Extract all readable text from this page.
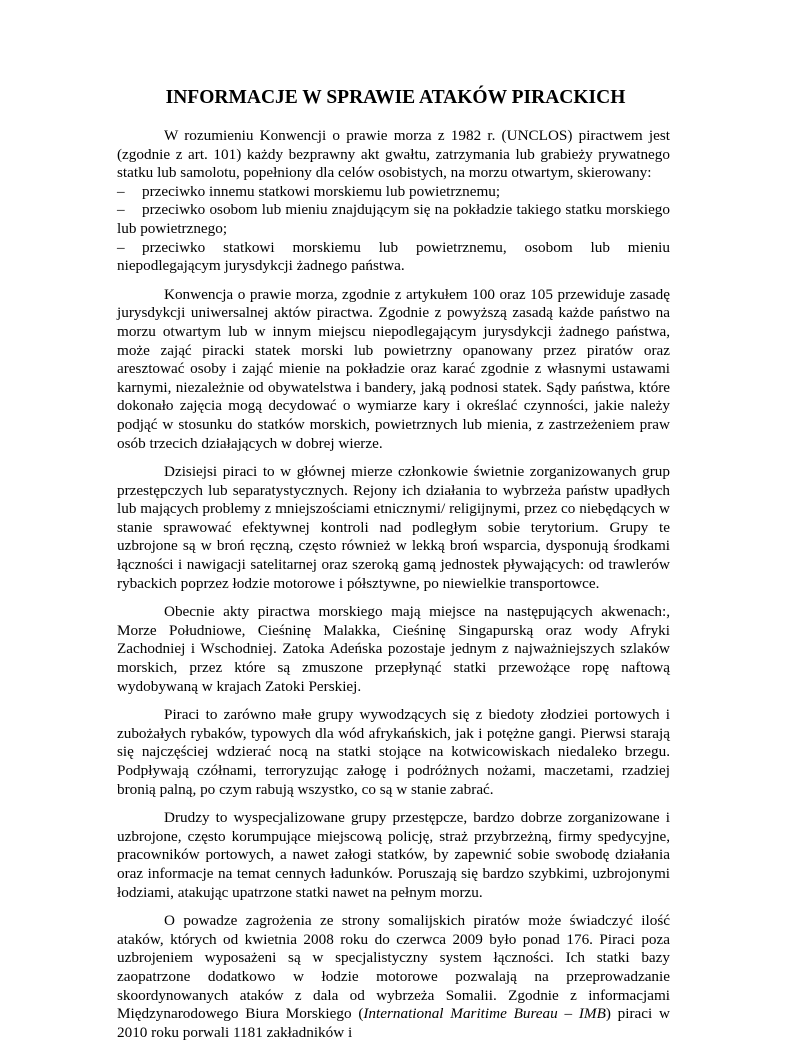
INFORMACJE W SPRAWIE ATAKÓW PIRACKICH

W rozumieniu Konwencji o prawie morza z 1982 r. (UNCLOS) piractwem jest (zgodnie z art. 101) każdy bezprawny akt gwałtu, zatrzymania lub grabieży prywatnego statku lub samolotu, popełniony dla celów osobistych, na morzu otwartym, skierowany:

– przeciwko innemu statkowi morskiemu lub powietrznemu;
– przeciwko osobom lub mieniu znajdującym się na pokładzie takiego statku morskiego lub powietrznego;
– przeciwko statkowi morskiemu lub powietrznemu, osobom lub mieniu niepodlegającym jurysdykcji żadnego państwa.

Konwencja o prawie morza, zgodnie z artykułem 100 oraz 105 przewiduje zasadę jurysdykcji uniwersalnej aktów piractwa. Zgodnie z powyższą zasadą każde państwo na morzu otwartym lub w innym miejscu niepodlegającym jurysdykcji żadnego państwa, może zająć piracki statek morski lub powietrzny opanowany przez piratów oraz aresztować osoby i zająć mienie na pokładzie oraz karać zgodnie z własnymi ustawami karnymi, niezależnie od obywatelstwa i bandery, jaką podnosi statek. Sądy państwa, które dokonało zajęcia mogą decydować o wymiarze kary i określać czynności, jakie należy podjąć w stosunku do statków morskich, powietrznych lub mienia, z zastrzeżeniem praw osób trzecich działających w dobrej wierze.

Dzisiejsi piraci to w głównej mierze członkowie świetnie zorganizowanych grup przestępczych lub separatystycznych. Rejony ich działania to wybrzeża państw upadłych lub mających problemy z mniejszościami etnicznymi/ religijnymi, przez co niebędących w stanie sprawować efektywnej kontroli nad podległym sobie terytorium. Grupy te uzbrojone są w broń ręczną, często również w lekką broń wsparcia, dysponują środkami łączności i nawigacji satelitarnej oraz szeroką gamą jednostek pływających: od trawlerów rybackich poprzez łodzie motorowe i półsztywne, po niewielkie transportowce.

Obecnie akty piractwa morskiego mają miejsce na następujących akwenach:, Morze Południowe, Cieśninę Malakka, Cieśninę Singapurską oraz wody Afryki Zachodniej i Wschodniej. Zatoka Adeńska pozostaje jednym z najważniejszych szlaków morskich, przez które są zmuszone przepłynąć statki przewożące ropę naftową wydobywaną w krajach Zatoki Perskiej.

Piraci to zarówno małe grupy wywodzących się z biedoty złodziei portowych i zubożałych rybaków, typowych dla wód afrykańskich, jak i potężne gangi. Pierwsi starają się najczęściej wdzierać nocą na statki stojące na kotwicowiskach niedaleko brzegu. Podpływają czółnami, terroryzując załogę i podróżnych nożami, maczetami, rzadziej bronią palną, po czym rabują wszystko, co są w stanie zabrać.

Drudzy to wyspecjalizowane grupy przestępcze, bardzo dobrze zorganizowane i uzbrojone, często korumpujące miejscową policję, straż przybrzeżną, firmy spedycyjne, pracowników portowych, a nawet załogi statków, by zapewnić sobie swobodę działania oraz informacje na temat cennych ładunków. Poruszają się bardzo szybkimi, uzbrojonymi łodziami, atakując upatrzone statki nawet na pełnym morzu.

O powadze zagrożenia ze strony somalijskich piratów może świadczyć ilość ataków, których od kwietnia 2008 roku do czerwca 2009 było ponad 176. Piraci poza uzbrojeniem wyposażeni są w specjalistyczny system łączności. Ich statki bazy zaopatrzone dodatkowo w łodzie motorowe pozwalają na przeprowadzanie skoordynowanych ataków z dala od wybrzeża Somalii. Zgodnie z informacjami Międzynarodowego Biura Morskiego (International Maritime Bureau – IMB) piraci w 2010 roku porwali 1181 zakładników i
